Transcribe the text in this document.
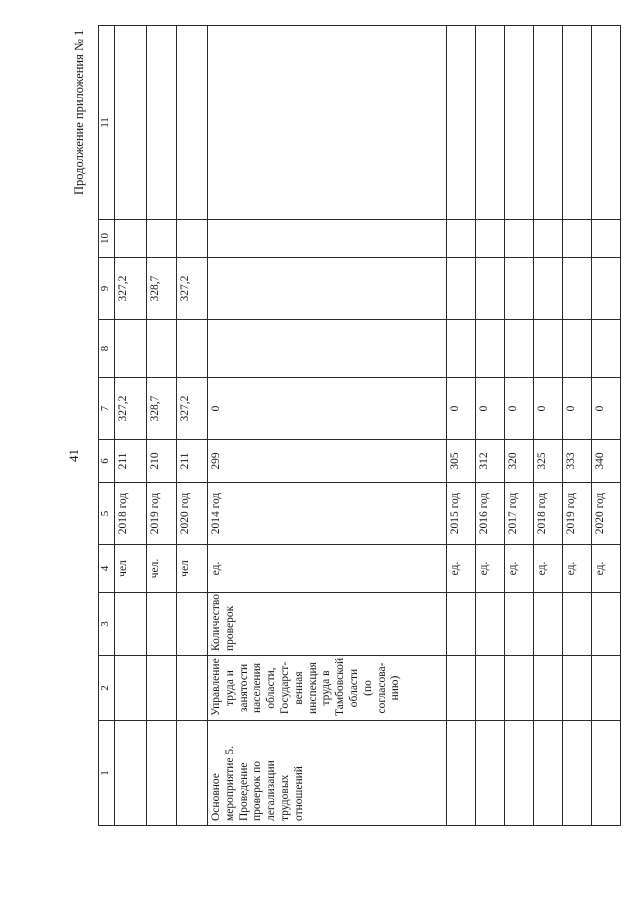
41
Продолжение приложения № 1
1	2	3	4	5	6	7	8	9	10	11
			чел	2018 год	211	327,2		327,2		
			чел.	2019 год	210	328,7		328,7		
			чел	2020 год	211	327,2		327,2		
Основное мероприятие 5. Проведение проверок по легализации трудовых отношений	Управление труда и занятости населения области, Государст-венная инспекция труда в Тамбовской области (по согласова-нию)	Количество проверок	ед.	2014 год	299	0				
			ед.	2015 год	305	0				
			ед.	2016 год	312	0				
			ед.	2017 год	320	0				
			ед.	2018 год	325	0				
			ед.	2019 год	333	0				
			ед.	2020 год	340	0				
